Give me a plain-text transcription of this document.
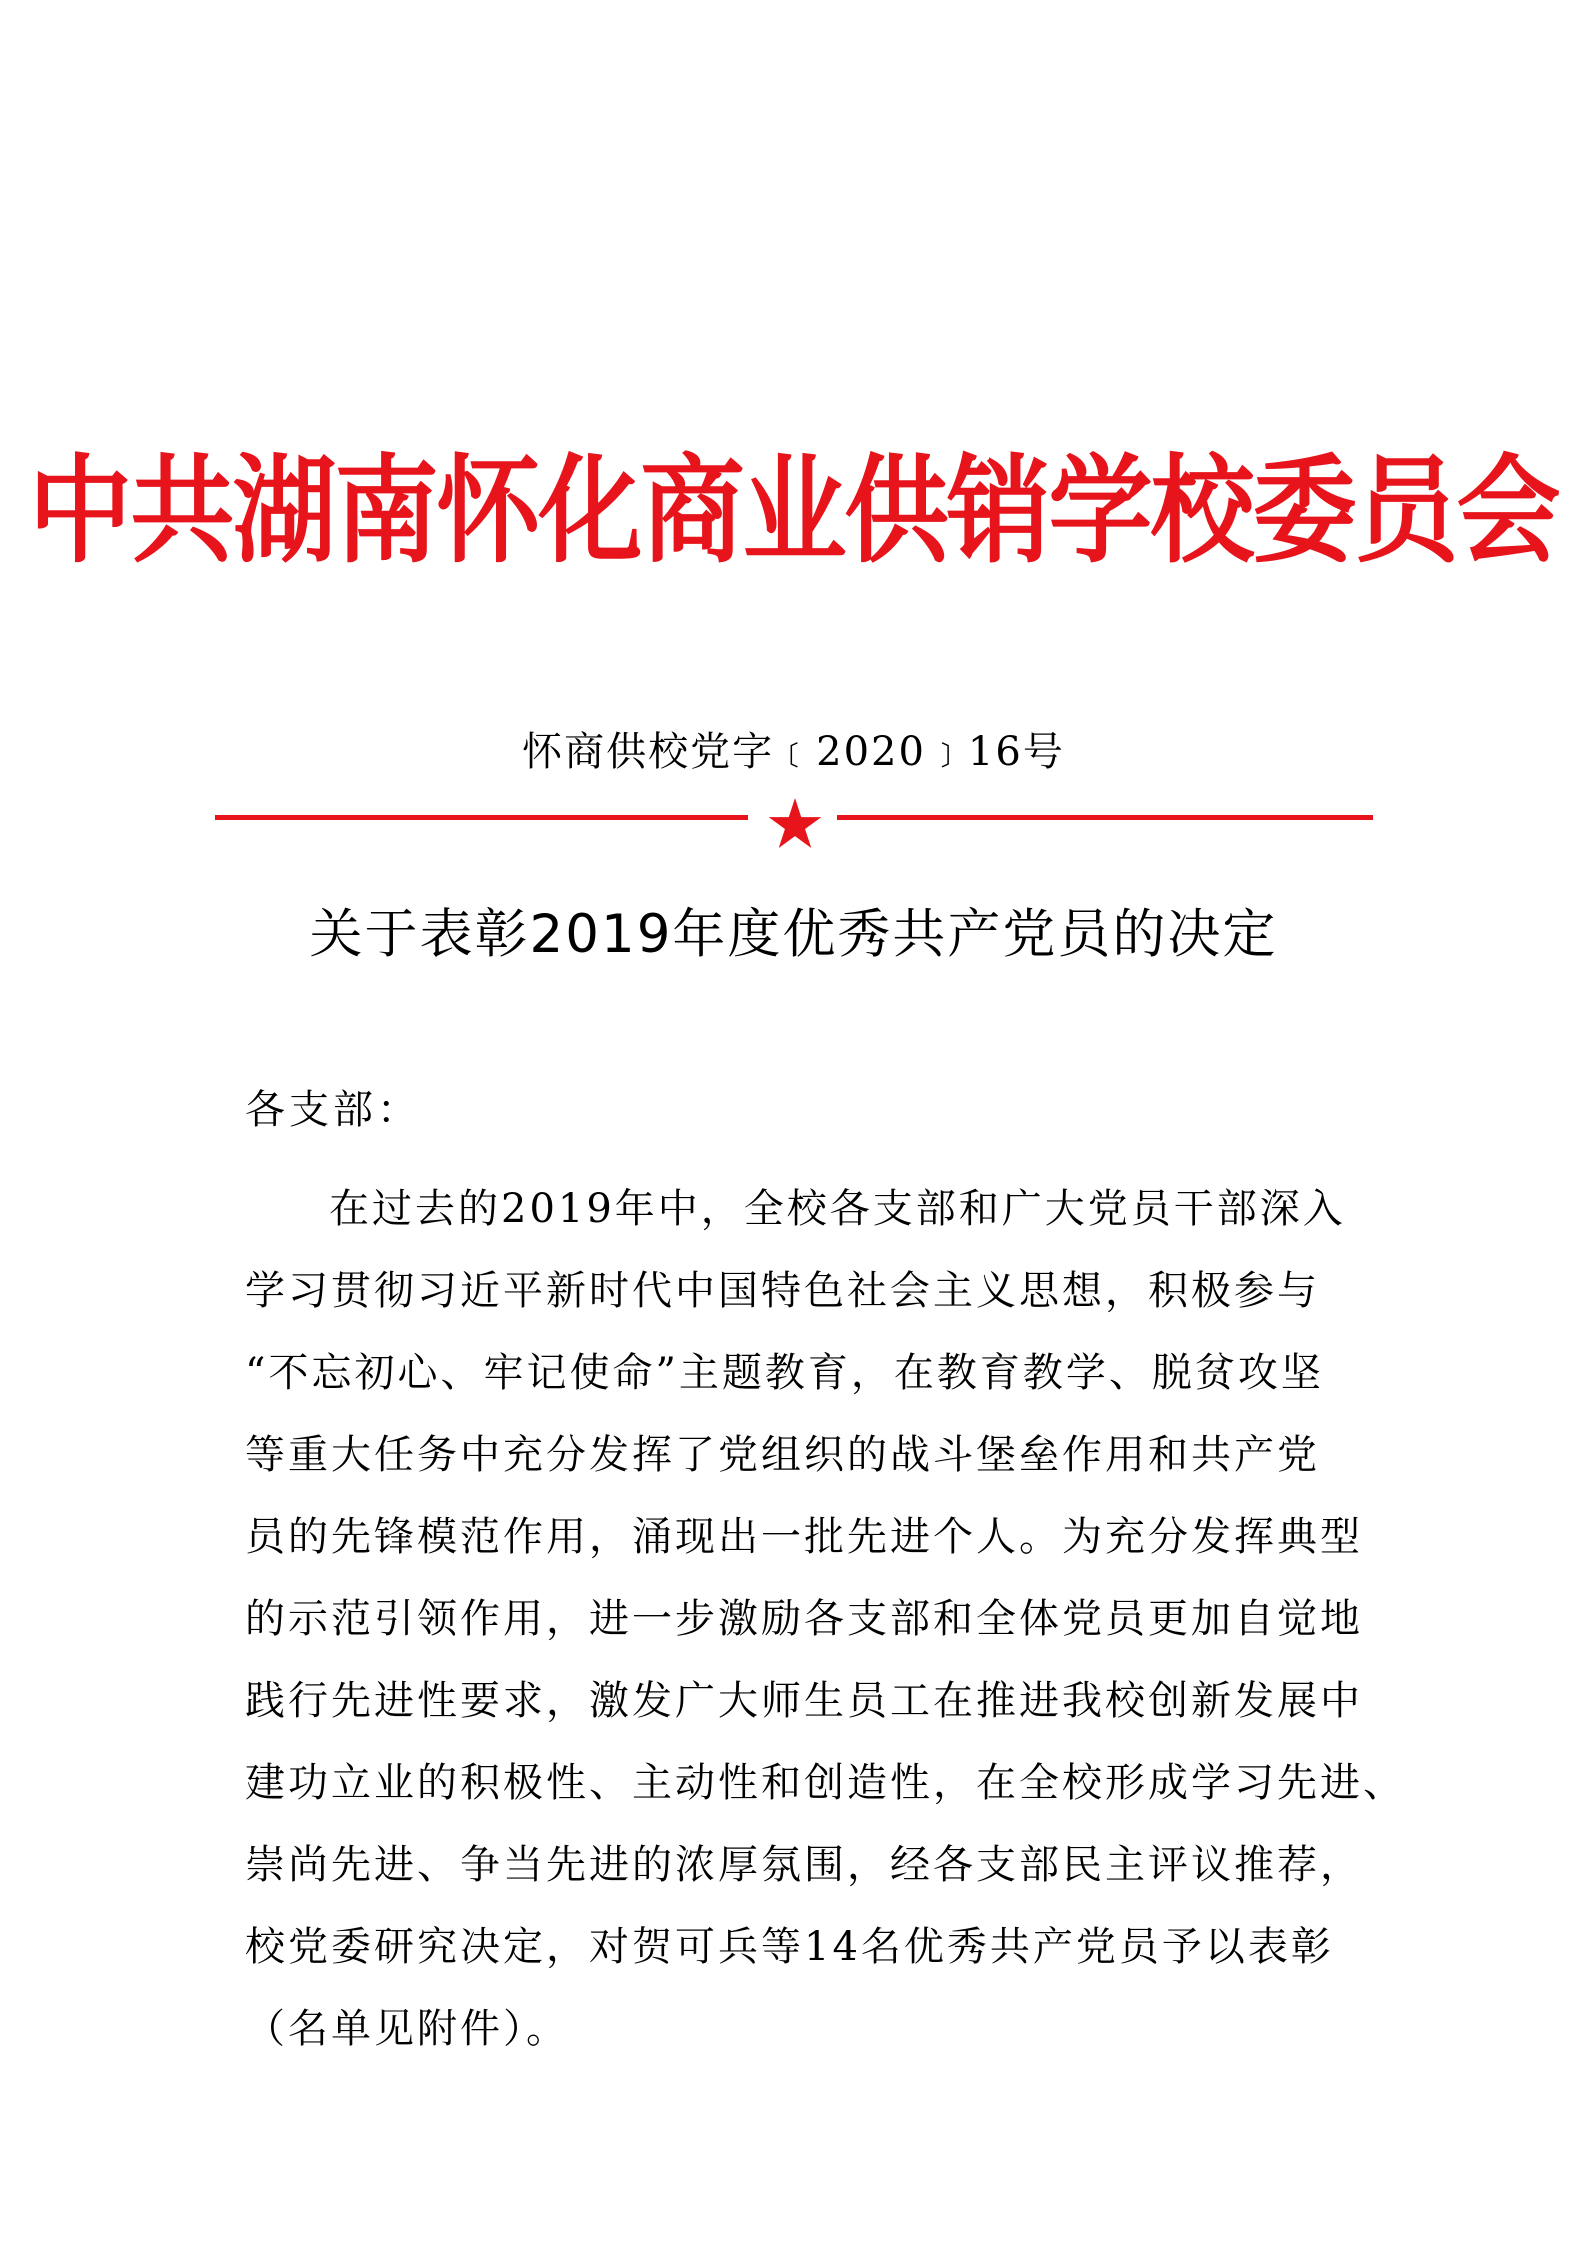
中共湖南怀化商业供销学校委员会
怀商供校党字﹝2020﹞16号
关于表彰2019年度优秀共产党员的决定
各支部：
在过去的2019年中，全校各支部和广大党员干部深入
学习贯彻习近平新时代中国特色社会主义思想，积极参与
“不忘初心、牢记使命”主题教育，在教育教学、脱贫攻坚
等重大任务中充分发挥了党组织的战斗堡垒作用和共产党
员的先锋模范作用，涌现出一批先进个人。为充分发挥典型
的示范引领作用，进一步激励各支部和全体党员更加自觉地
践行先进性要求，激发广大师生员工在推进我校创新发展中
建功立业的积极性、主动性和创造性，在全校形成学习先进、
崇尚先进、争当先进的浓厚氛围，经各支部民主评议推荐，
校党委研究决定，对贺可兵等14名优秀共产党员予以表彰
（名单见附件）。
